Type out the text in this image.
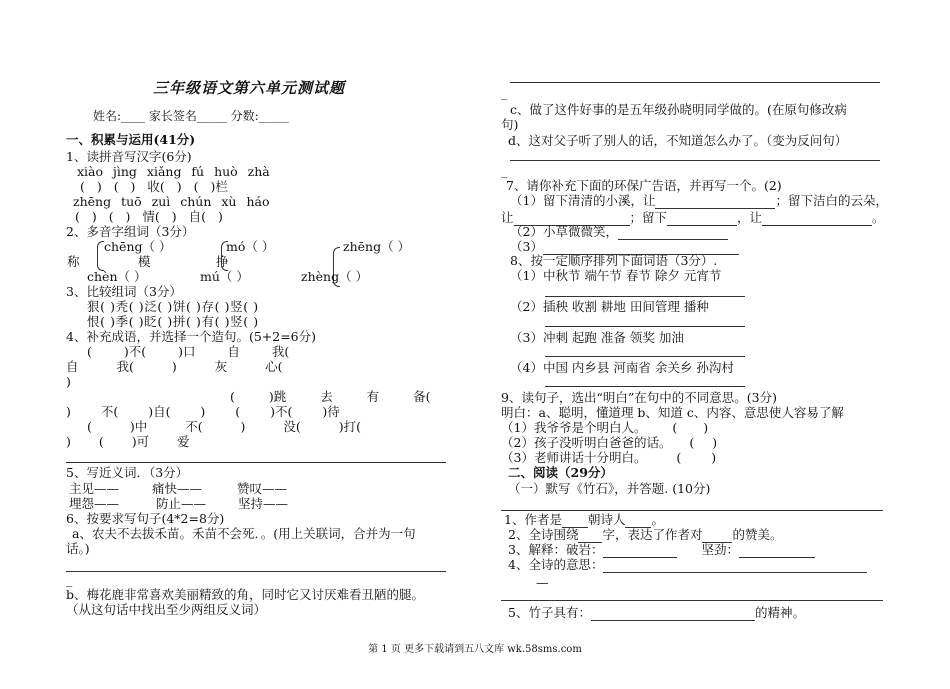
三年级语文第六单元测试题
姓名:____ 家长签名_____ 分数:_____
一、积累与运用(41分)
1、读拼音写汉字(6分)
xiào jìng xiǎng fú huò zhà
( ) ( ) 收( ) ( )栏
zhēng tuō zuì chún xù háo
( ) ( ) 情( ) 自( )
2、多音字组词（3分）
chēng（ ）	mó（ ）	zhēng（ ）
称	模	挣
chèn（ ）	mú（ ）	zhèng（ ）
3、比较组词（3分）
狠( )秃( )泛( )饼( )存( )竖( )
恨( )季( )眨( )拼( )有( )竖( )
4、补充成语，并选择一个造句。(5+2=6分)
( )不( )口 自 我(
自 我( ) 灰 心(
)
( )跳 去 有 备(
) 不( )自( ) ( )不( )待
( )中 不( ) 没( )打(
) ( )可 爱
5、写近义词．（3分）
主见——	痛快——	赞叹——
埋怨——	防止——	坚持——
6、按要求写句子(4*2=8分)
a、农夫不去拔禾苗。禾苗不会死．。(用上关联词，合并为一句
话。)
_
b、梅花鹿非常喜欢美丽精致的角，同时它又讨厌难看丑陋的腿。
（从这句话中找出至少两组反义词）
_
c、做了这件好事的是五年级孙晓明同学做的。(在原句修改病
句)
d、这对父子听了别人的话，不知道怎么办了。（变为反问句）
_
7、请你补充下面的环保广告语，并再写一个。(2)
（1）留下清清的小溪，让	；留下洁白的云朵，
让	；留下	，让	。
（2）小草微微笑，
（3）
8、按一定顺序排列下面词语（3分）.
（1）中秋节 端午节 春节 除夕 元宵节
（2）插秧 收割 耕地 田间管理 播种
（3）冲刺 起跑 准备 领奖 加油
（4）中国 内乡县 河南省 余关乡 孙沟村
9、读句子，选出“明白”在句中的不同意思。(3分)
明白：a、聪明，懂道理 b、知道 c、内容、意思使人容易了解
（1）我爷爷是个明白人。 ( )
（2）孩子没听明白爸爸的话。 ( )
（3）老师讲话十分明白。 ( )
二、阅读（29分）
（一）默写《竹石》，并答题. (10分)
1、作者是 朝诗人 。
2、全诗围绕 字，表达了作者对 的赞美。
3、解释：破岩：	坚劲：
4、全诗的意思：
—
5、竹子具有：	的精神。
第 1 页 更多下载请到五八文库 wk.58sms.com
